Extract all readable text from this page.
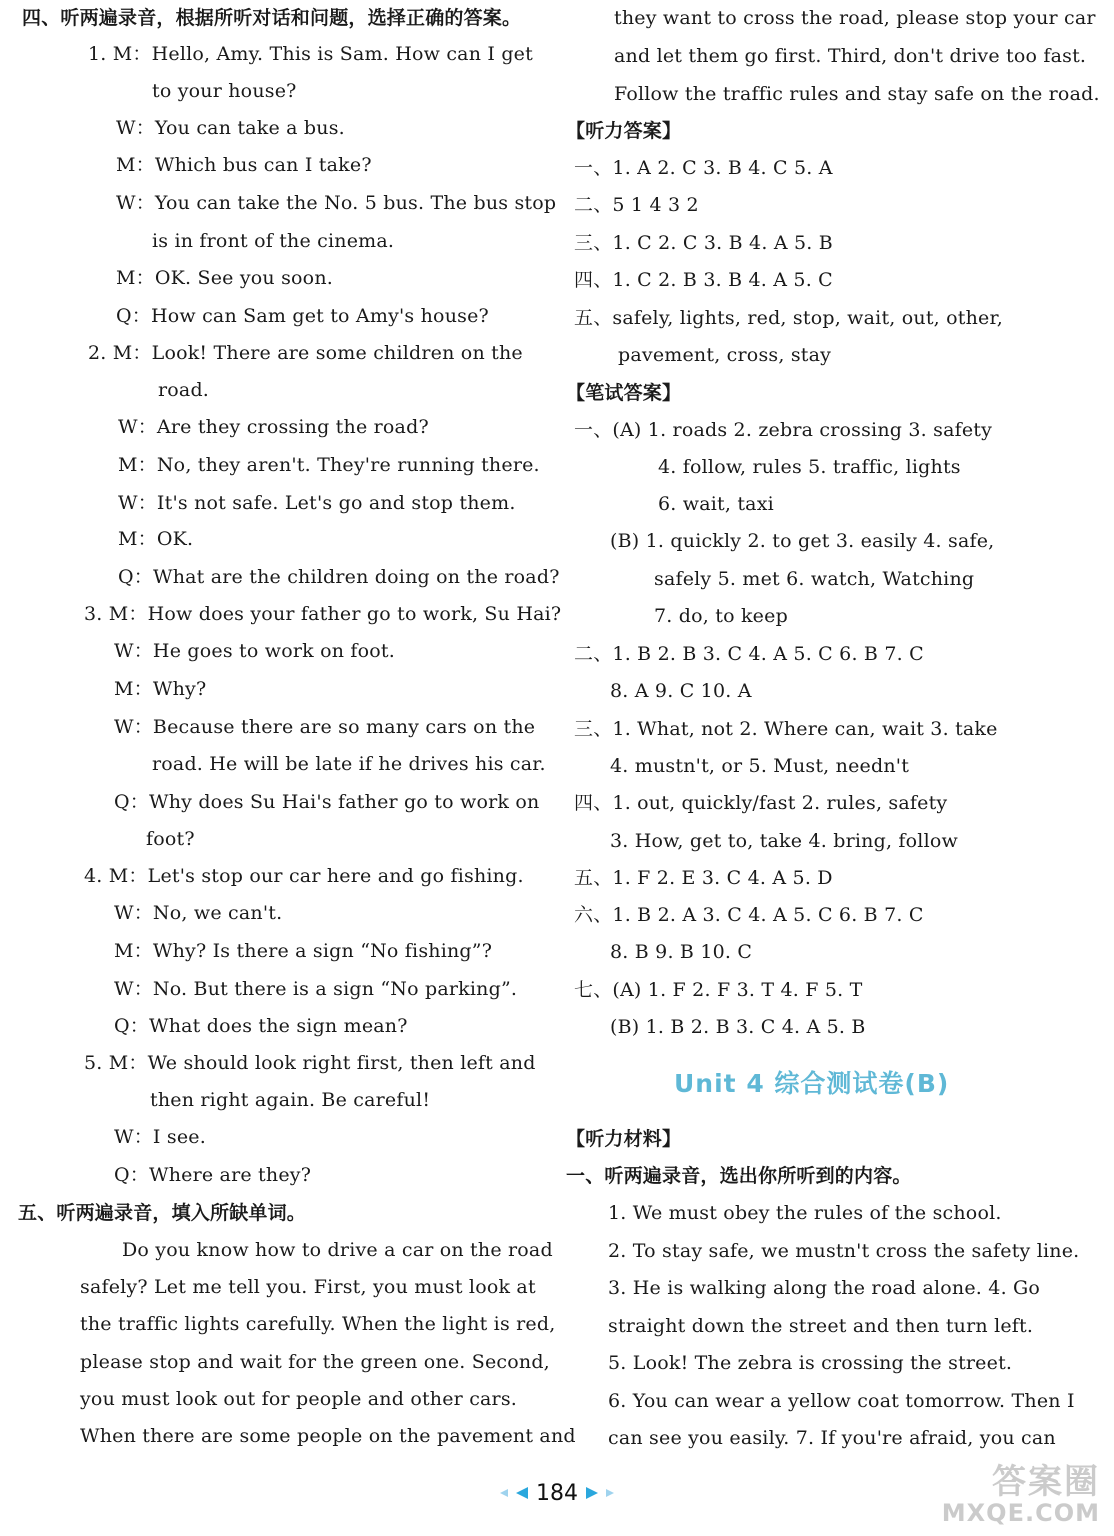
四、听两遍录音，根据所听对话和问题，选择正确的答案。
1. M：Hello, Amy. This is Sam. How can I get
to your house?
W：You can take a bus.
M：Which bus can I take?
W：You can take the No. 5 bus. The bus stop
is in front of the cinema.
M：OK. See you soon.
Q：How can Sam get to Amy's house?
2. M：Look! There are some children on the
road.
W：Are they crossing the road?
M：No, they aren't. They're running there.
W：It's not safe. Let's go and stop them.
M：OK.
Q：What are the children doing on the road?
3. M：How does your father go to work, Su Hai?
W：He goes to work on foot.
M：Why?
W：Because there are so many cars on the
road. He will be late if he drives his car.
Q：Why does Su Hai's father go to work on
foot?
4. M：Let's stop our car here and go fishing.
W：No, we can't.
M：Why? Is there a sign “No fishing”?
W：No. But there is a sign “No parking”.
Q：What does the sign mean?
5. M：We should look right first, then left and
then right again. Be careful!
W：I see.
Q：Where are they?
五、听两遍录音，填入所缺单词。
Do you know how to drive a car on the road
safely? Let me tell you. First, you must look at
the traffic lights carefully. When the light is red,
please stop and wait for the green one. Second,
you must look out for people and other cars.
When there are some people on the pavement and
they want to cross the road, please stop your car
and let them go first. Third, don't drive too fast.
Follow the traffic rules and stay safe on the road.
【听力答案】
一、1. A 2. C 3. B 4. C 5. A
二、5 1 4 3 2
三、1. C 2. C 3. B 4. A 5. B
四、1. C 2. B 3. B 4. A 5. C
五、safely, lights, red, stop, wait, out, other,
pavement, cross, stay
【笔试答案】
一、(A) 1. roads 2. zebra crossing 3. safety
4. follow, rules 5. traffic, lights
6. wait, taxi
(B) 1. quickly 2. to get 3. easily 4. safe,
safely 5. met 6. watch, Watching
7. do, to keep
二、1. B 2. B 3. C 4. A 5. C 6. B 7. C
8. A 9. C 10. A
三、1. What, not 2. Where can, wait 3. take
4. mustn't, or 5. Must, needn't
四、1. out, quickly/fast 2. rules, safety
3. How, get to, take 4. bring, follow
五、1. F 2. E 3. C 4. A 5. D
六、1. B 2. A 3. C 4. A 5. C 6. B 7. C
8. B 9. B 10. C
七、(A) 1. F 2. F 3. T 4. F 5. T
(B) 1. B 2. B 3. C 4. A 5. B
Unit 4 综合测试卷(B)
【听力材料】
一、听两遍录音，选出你所听到的内容。
1. We must obey the rules of the school.
2. To stay safe, we mustn't cross the safety line.
3. He is walking along the road alone. 4. Go
straight down the street and then turn left.
5. Look! The zebra is crossing the street.
6. You can wear a yellow coat tomorrow. Then I
can see you easily. 7. If you're afraid, you can
184	答案圈
MXQE.COM
